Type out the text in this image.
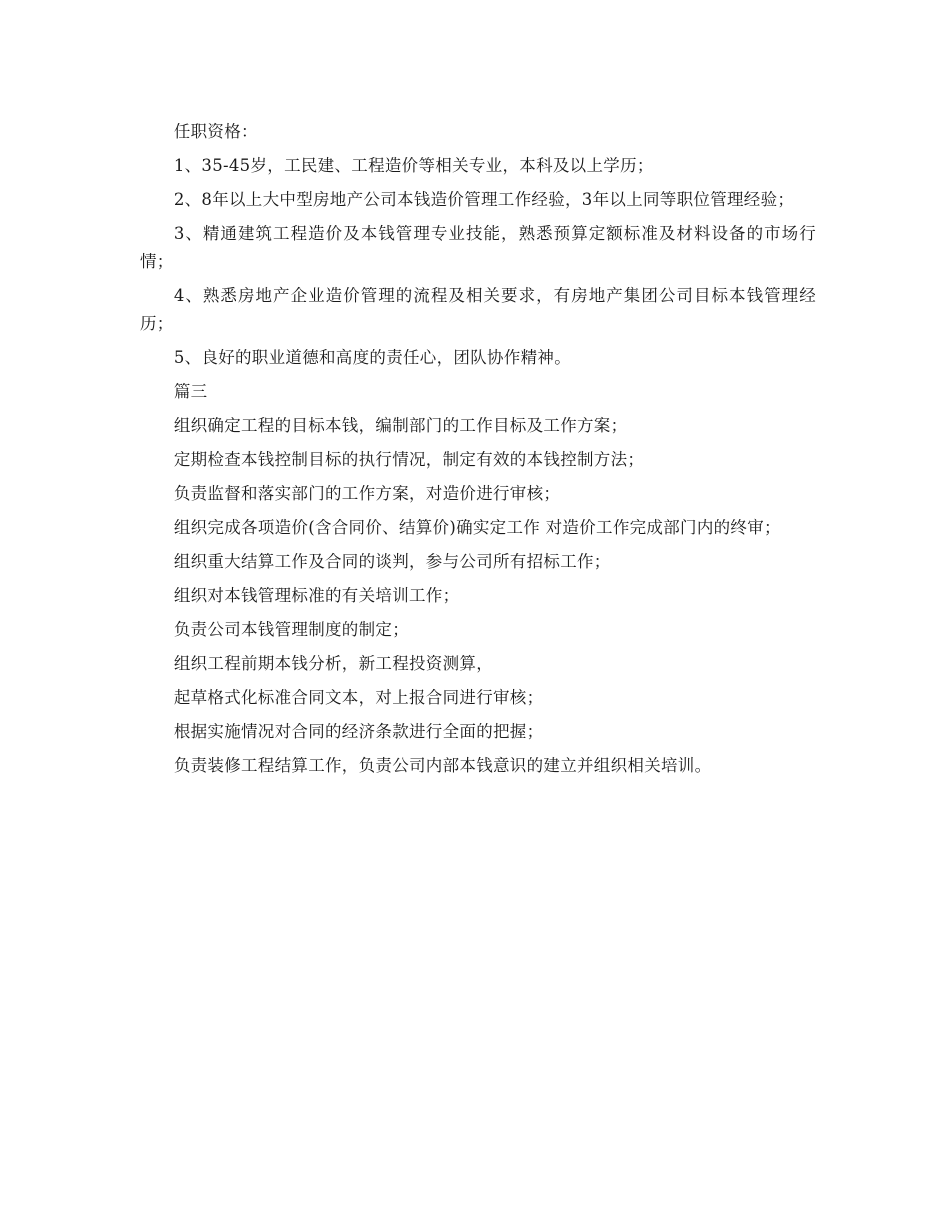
任职资格：

1、35-45岁，工民建、工程造价等相关专业，本科及以上学历；

2、8年以上大中型房地产公司本钱造价管理工作经验，3年以上同等职位管理经验；

3、精通建筑工程造价及本钱管理专业技能，熟悉预算定额标准及材料设备的市场行情；

4、熟悉房地产企业造价管理的流程及相关要求，有房地产集团公司目标本钱管理经历；

5、良好的职业道德和高度的责任心，团队协作精神。

篇三

组织确定工程的目标本钱，编制部门的工作目标及工作方案；

定期检查本钱控制目标的执行情况，制定有效的本钱控制方法；

负责监督和落实部门的工作方案，对造价进行审核；

组织完成各项造价(含合同价、结算价)确实定工作 对造价工作完成部门内的终审；

组织重大结算工作及合同的谈判，参与公司所有招标工作；

组织对本钱管理标准的有关培训工作；

负责公司本钱管理制度的制定；

组织工程前期本钱分析，新工程投资测算，

起草格式化标准合同文本，对上报合同进行审核；

根据实施情况对合同的经济条款进行全面的把握；

负责装修工程结算工作，负责公司内部本钱意识的建立并组织相关培训。
